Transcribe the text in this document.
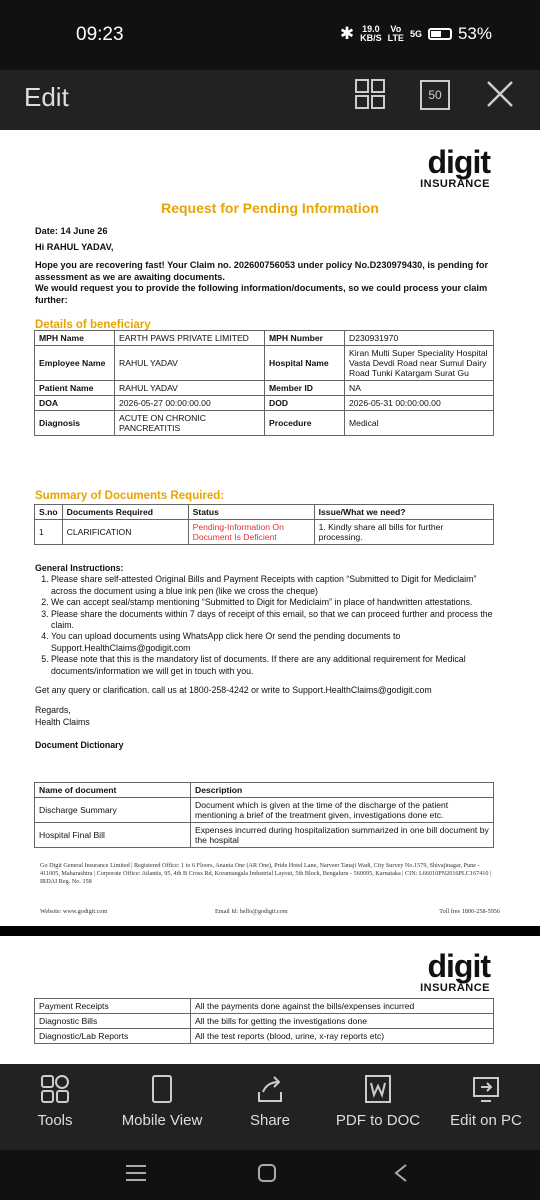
09:23	✱ 19.0
KB/S
Vo
LTE 5G 53%
Edit	50
digit
INSURANCE
Request for Pending Information
Date: 14 June 26
Hi RAHUL YADAV,
Hope you are recovering fast! Your Claim no. 202600756053 under policy No.D230979430, is pending for assessment as we are awaiting documents.
We would request you to provide the following information/documents, so we could process your claim further:
Details of beneficiary
MPH Name	EARTH PAWS PRIVATE LIMITED	MPH Number	D230931970
Employee Name	RAHUL YADAV	Hospital Name	Kiran Multi Super Speciality Hospital Vasta Devdi Road near Sumul Dairy Road Tunki Katargam Surat Gu
Patient Name	RAHUL YADAV	Member ID	NA
DOA	2026-05-27 00:00:00.00	DOD	2026-05-31 00:00:00.00
Diagnosis	ACUTE ON CHRONIC PANCREATITIS	Procedure	Medical
Summary of Documents Required:
S.no	Documents Required	Status	Issue/What we need?
1	CLARIFICATION	Pending-Information On Document Is Deficient	1. Kindly share all bills for further processing.
General Instructions:
1. Please share self-attested Original Bills and Payment Receipts with caption “Submitted to Digit for Mediclaim” across the document using a blue ink pen (like we cross the cheque)
2. We can accept seal/stamp mentioning “Submitted to Digit for Mediclaim” in place of handwritten attestations.
3. Please share the documents within 7 days of receipt of this email, so that we can proceed further and process the claim.
4. You can upload documents using WhatsApp click here Or send the pending documents to Support.HealthClaims@godigit.com
5. Please note that this is the mandatory list of documents. If there are any additional requirement for Medical documents/information we will get in touch with you.
Get any query or clarification. call us at 1800-258-4242 or write to Support.HealthClaims@godigit.com
Regards,
Health Claims
Document Dictionary
Name of document	Description
Discharge Summary	Document which is given at the time of the discharge of the patient mentioning a brief of the treatment given, investigations done etc.
Hospital Final Bill	Expenses incurred during hospitalization summarized in one bill document by the hospital
Go Digit General Insurance Limited | Registered Office: 1 to 6 Floors, Ananta One (AR One), Pride Hotel Lane, Narveer Tanaji Wadi, City Survey No.1579, Shivajinagar, Pune - 411005, Maharashtra | Corporate Office: Atlantis, 95, 4th B Cross Rd, Koramangala Industrial Layout, 5th Block, Bengaluru - 560095, Karnataka | CIN: L66010PN2016PLC167410 | IRDAI Reg. No. 158
Website: www.godigit.com	Email Id: hello@godigit.com	Toll free 1800-258-5956
digit
INSURANCE
Payment Receipts	All the payments done against the bills/expenses incurred
Diagnostic Bills	All the bills for getting the investigations done
Diagnostic/Lab Reports	All the test reports (blood, urine, x-ray reports etc)
Tools	Mobile View	Share	PDF to DOC	Edit on PC
